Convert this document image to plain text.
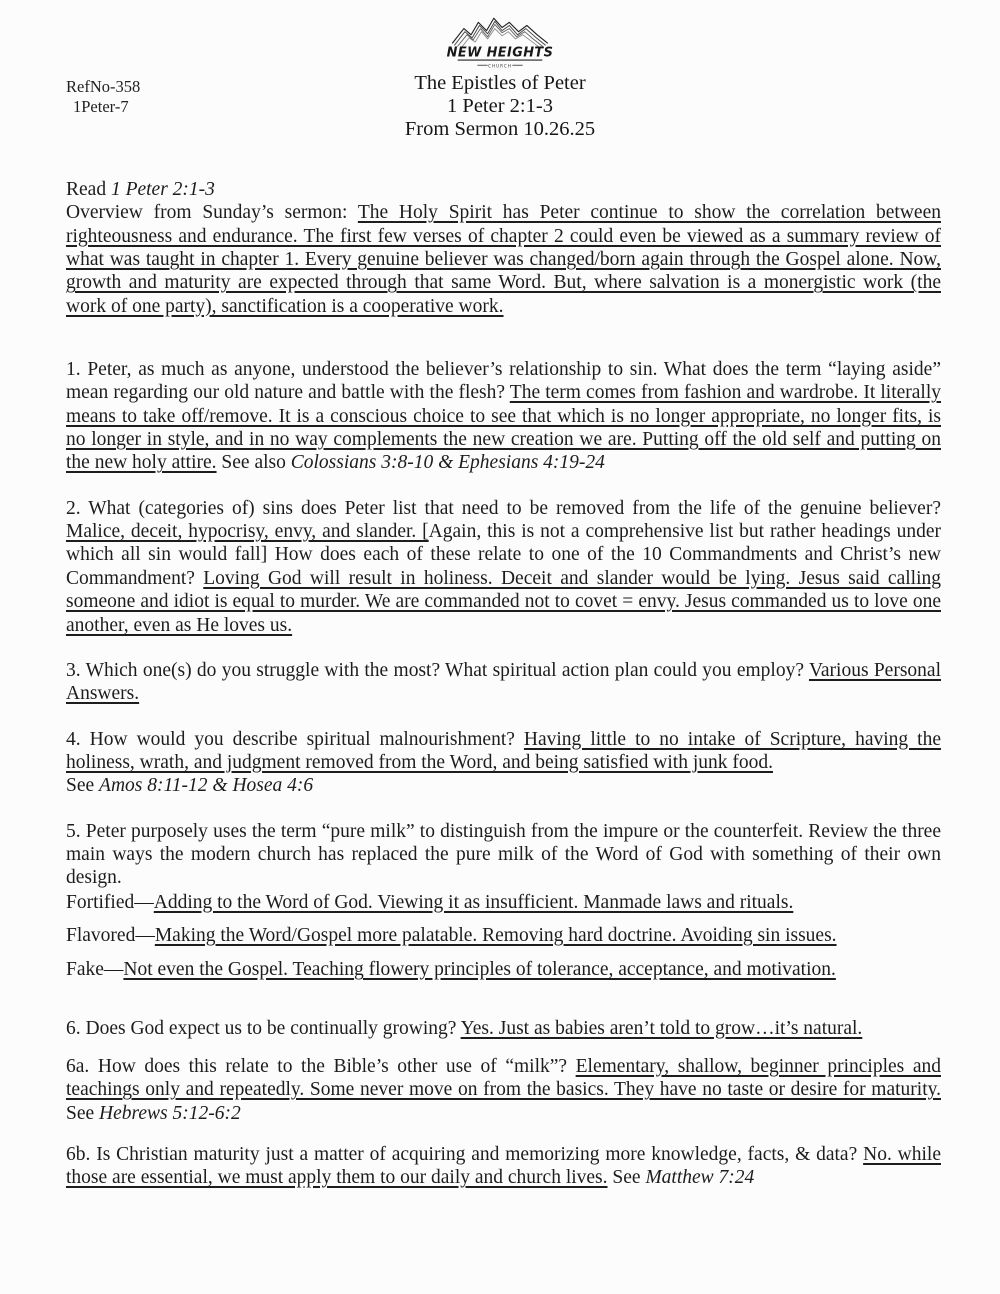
RefNo-358
1Peter-7
NEW HEIGHTS
CHURCH
The Epistles of Peter
1 Peter 2:1-3
From Sermon 10.26.25

Read 1 Peter 2:1-3

Overview from Sunday’s sermon: The Holy Spirit has Peter continue to show the correlation between righteousness and endurance. The first few verses of chapter 2 could even be viewed as a summary review of what was taught in chapter 1. Every genuine believer was changed/born again through the Gospel alone. Now, growth and maturity are expected through that same Word. But, where salvation is a monergistic work (the work of one party), sanctification is a cooperative work.

1. Peter, as much as anyone, understood the believer’s relationship to sin. What does the term “laying aside” mean regarding our old nature and battle with the flesh? The term comes from fashion and wardrobe. It literally means to take off/remove. It is a conscious choice to see that which is no longer appropriate, no longer fits, is no longer in style, and in no way complements the new creation we are. Putting off the old self and putting on the new holy attire. See also Colossians 3:8-10 & Ephesians 4:19-24

2. What (categories of) sins does Peter list that need to be removed from the life of the genuine believer? Malice, deceit, hypocrisy, envy, and slander. [Again, this is not a comprehensive list but rather headings under which all sin would fall] How does each of these relate to one of the 10 Commandments and Christ’s new Commandment? Loving God will result in holiness. Deceit and slander would be lying. Jesus said calling someone and idiot is equal to murder. We are commanded not to covet = envy. Jesus commanded us to love one another, even as He loves us.

3. Which one(s) do you struggle with the most? What spiritual action plan could you employ? Various Personal Answers.

4. How would you describe spiritual malnourishment? Having little to no intake of Scripture, having the holiness, wrath, and judgment removed from the Word, and being satisfied with junk food.
See Amos 8:11-12 & Hosea 4:6

5. Peter purposely uses the term “pure milk” to distinguish from the impure or the counterfeit. Review the three main ways the modern church has replaced the pure milk of the Word of God with something of their own design.

Fortified—Adding to the Word of God. Viewing it as insufficient. Manmade laws and rituals.

Flavored—Making the Word/Gospel more palatable. Removing hard doctrine. Avoiding sin issues.

Fake—Not even the Gospel. Teaching flowery principles of tolerance, acceptance, and motivation.

6. Does God expect us to be continually growing? Yes. Just as babies aren’t told to grow…it’s natural.

6a. How does this relate to the Bible’s other use of “milk”? Elementary, shallow, beginner principles and teachings only and repeatedly. Some never move on from the basics. They have no taste or desire for maturity. See Hebrews 5:12-6:2

6b. Is Christian maturity just a matter of acquiring and memorizing more knowledge, facts, & data? No. while those are essential, we must apply them to our daily and church lives. See Matthew 7:24
